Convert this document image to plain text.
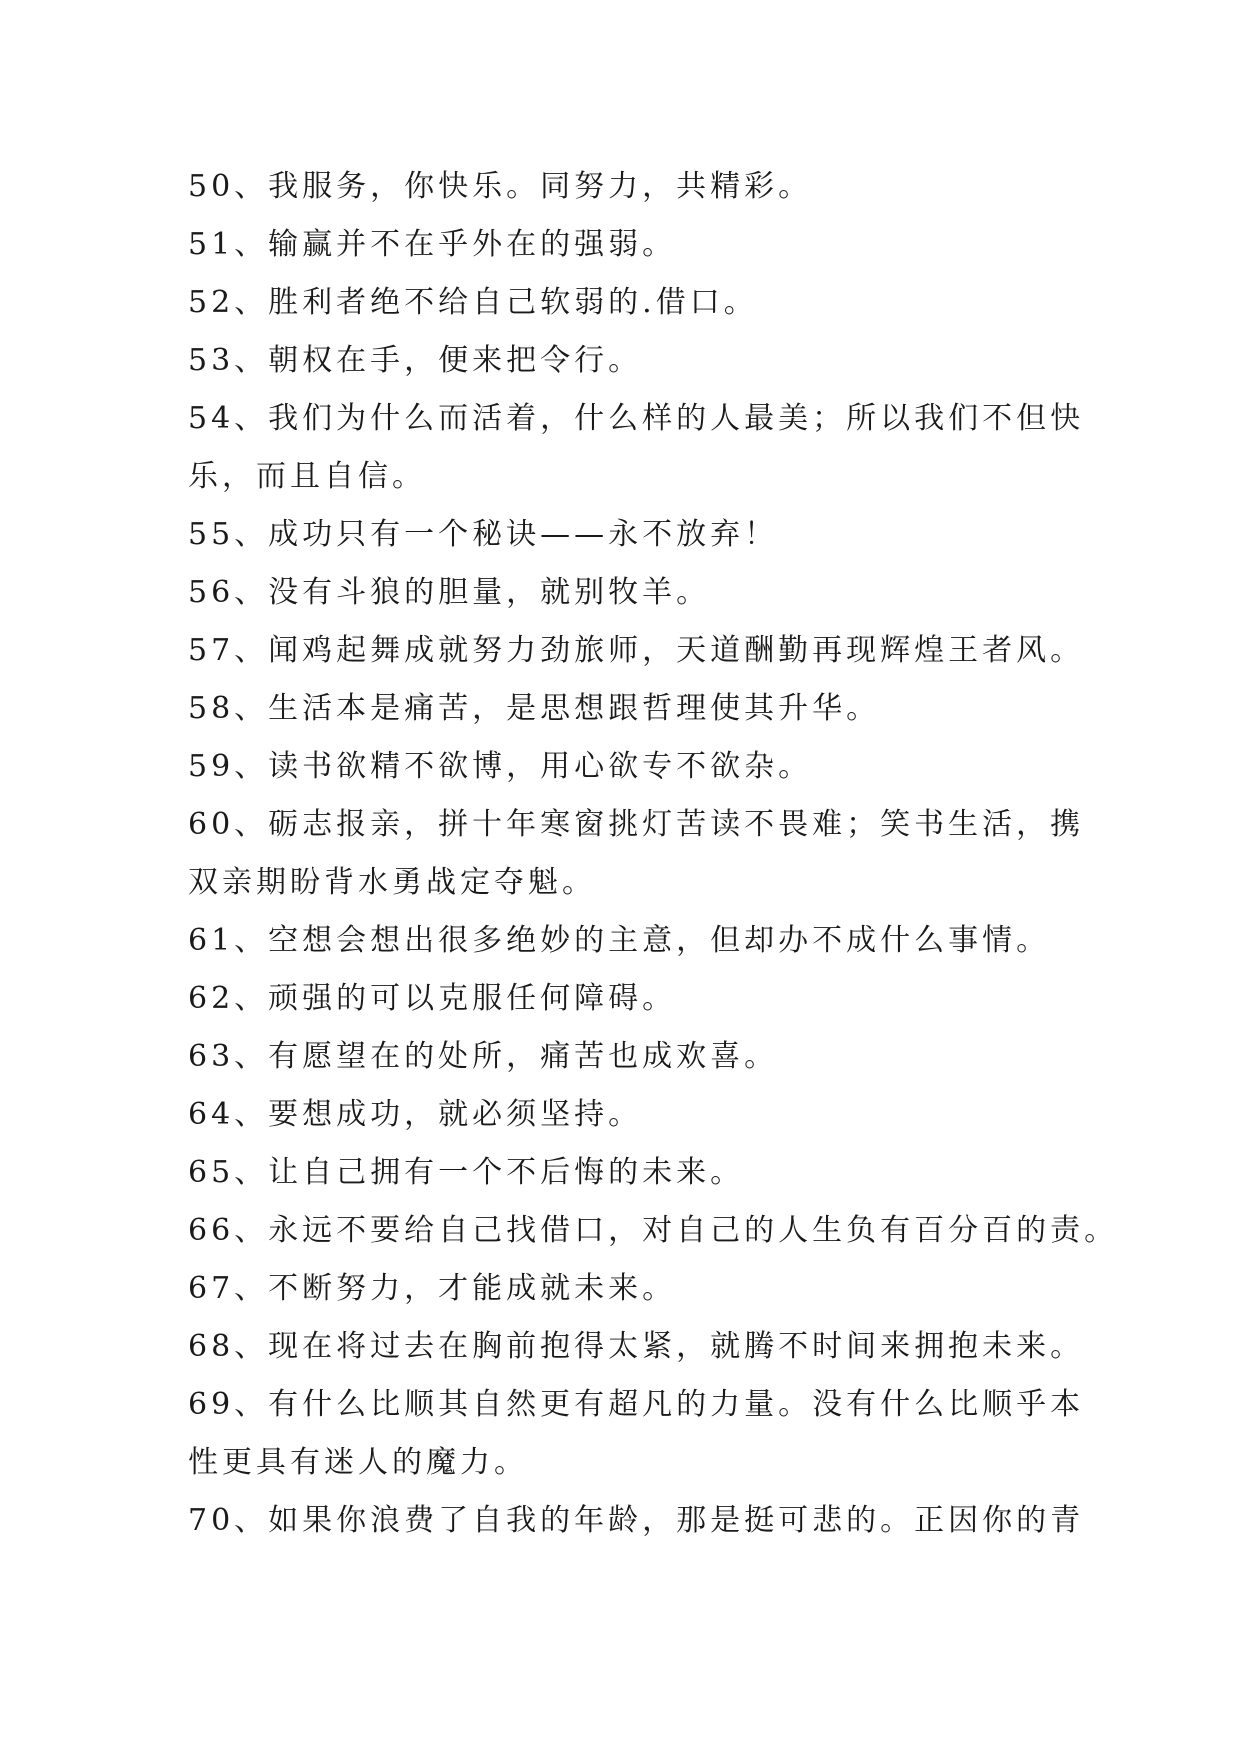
50、我服务，你快乐。同努力，共精彩。
51、输赢并不在乎外在的强弱。
52、胜利者绝不给自己软弱的.借口。
53、朝权在手，便来把令行。
54、我们为什么而活着，什么样的人最美；所以我们不但快
乐，而且自信。
55、成功只有一个秘诀——永不放弃！
56、没有斗狼的胆量，就别牧羊。
57、闻鸡起舞成就努力劲旅师，天道酬勤再现辉煌王者风。
58、生活本是痛苦，是思想跟哲理使其升华。
59、读书欲精不欲博，用心欲专不欲杂。
60、砺志报亲，拼十年寒窗挑灯苦读不畏难；笑书生活，携
双亲期盼背水勇战定夺魁。
61、空想会想出很多绝妙的主意，但却办不成什么事情。
62、顽强的可以克服任何障碍。
63、有愿望在的处所，痛苦也成欢喜。
64、要想成功，就必须坚持。
65、让自己拥有一个不后悔的未来。
66、永远不要给自己找借口，对自己的人生负有百分百的责。
67、不断努力，才能成就未来。
68、现在将过去在胸前抱得太紧，就腾不时间来拥抱未来。
69、有什么比顺其自然更有超凡的力量。没有什么比顺乎本
性更具有迷人的魔力。
70、如果你浪费了自我的年龄，那是挺可悲的。正因你的青
